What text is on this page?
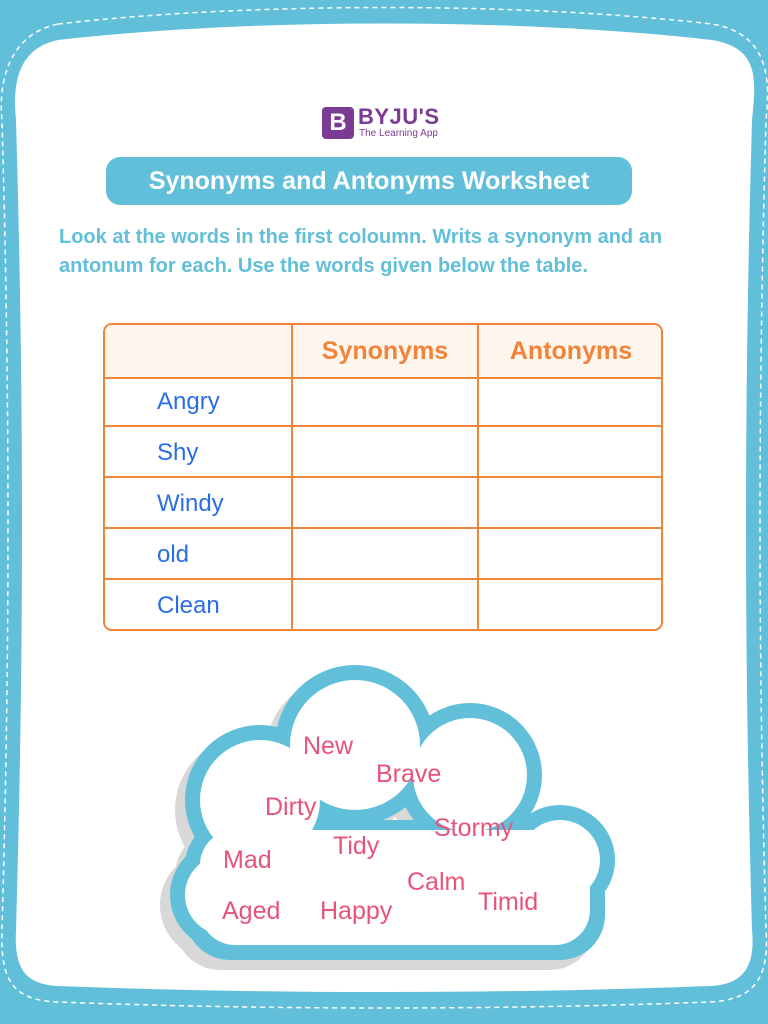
B BYJU'S
The Learning App
Synonyms and Antonyms Worksheet
Look at the words in the first coloumn. Writs a synonym and an antonum for each. Use the words given below the table.
Synonyms	Antonyms
Angry
Shy
Windy
old
Clean
New
Brave
Dirty
Stormy
Tidy
Mad
Calm
Timid
Aged Happy
